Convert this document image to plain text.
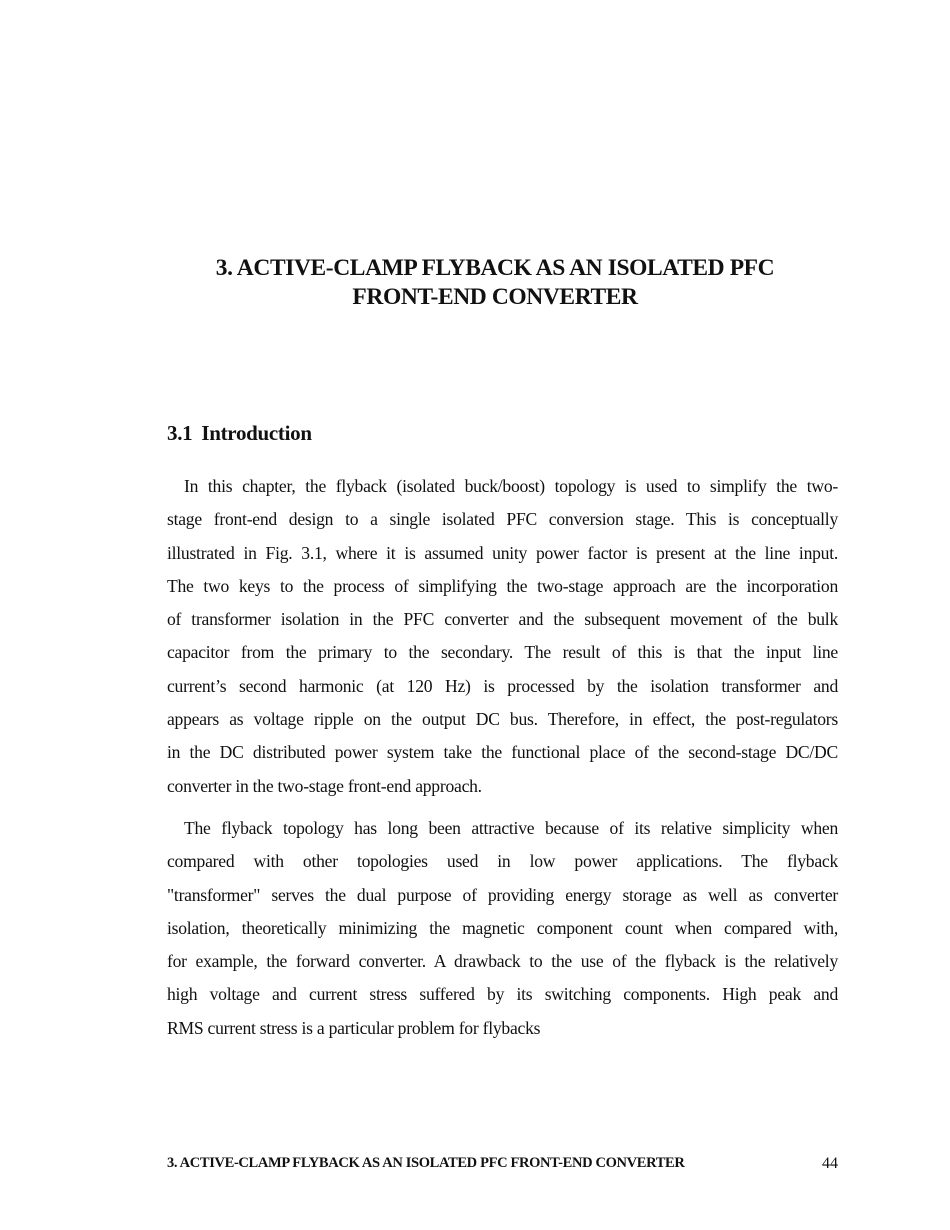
3. ACTIVE-CLAMP FLYBACK AS AN ISOLATED PFC
FRONT-END CONVERTER
3.1 Introduction
In this chapter, the flyback (isolated buck/boost) topology is used to simplify the two-
stage front-end design to a single isolated PFC conversion stage. This is conceptually
illustrated in Fig. 3.1, where it is assumed unity power factor is present at the line input.
The two keys to the process of simplifying the two-stage approach are the incorporation
of transformer isolation in the PFC converter and the subsequent movement of the bulk
capacitor from the primary to the secondary. The result of this is that the input line
current’s second harmonic (at 120 Hz) is processed by the isolation transformer and
appears as voltage ripple on the output DC bus. Therefore, in effect, the post-regulators
in the DC distributed power system take the functional place of the second-stage DC/DC
converter in the two-stage front-end approach.
The flyback topology has long been attractive because of its relative simplicity when
compared with other topologies used in low power applications. The flyback
"transformer" serves the dual purpose of providing energy storage as well as converter
isolation, theoretically minimizing the magnetic component count when compared with,
for example, the forward converter. A drawback to the use of the flyback is the relatively
high voltage and current stress suffered by its switching components. High peak and
RMS current stress is a particular problem for flybacks
3. ACTIVE-CLAMP FLYBACK AS AN ISOLATED PFC FRONT-END CONVERTER	44
